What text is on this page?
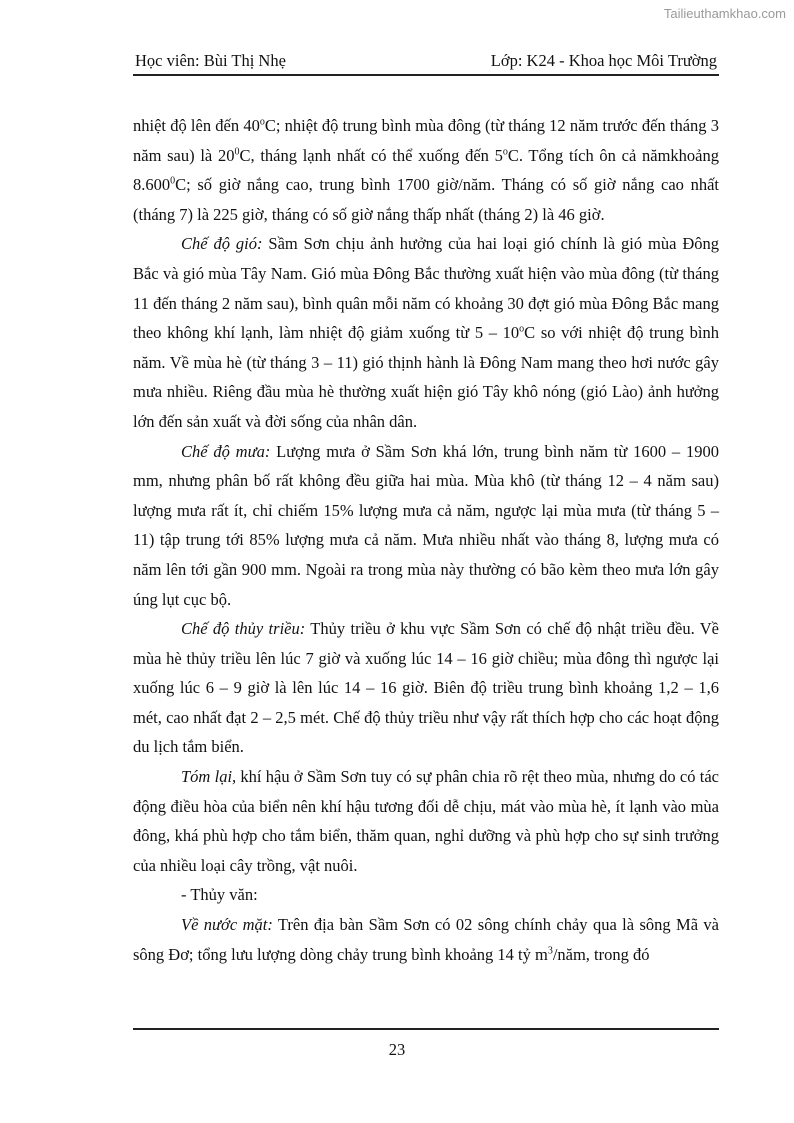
Tailieuthamkhao.com
Học viên: Bùi Thị Nhẹ	Lớp: K24 - Khoa học Môi Trường

nhiệt độ lên đến 40$^o$C; nhiệt độ trung bình mùa đông (từ tháng 12 năm trước đến tháng 3 năm sau) là $20^0C$, tháng lạnh nhất có thể xuống đến 5$^o$C. Tổng tích ôn cả nămkhoảng 8.600$^0$C; số giờ nắng cao, trung bình 1700 giờ/năm. Tháng có số giờ nắng cao nhất (tháng 7) là 225 giờ, tháng có số giờ nắng thấp nhất (tháng 2) là 46 giờ.

Chế độ gió: Sầm Sơn chịu ảnh hưởng của hai loại gió chính là gió mùa Đông Bắc và gió mùa Tây Nam. Gió mùa Đông Bắc thường xuất hiện vào mùa đông (từ tháng 11 đến tháng 2 năm sau), bình quân mỗi năm có khoảng 30 đợt gió mùa Đông Bắc mang theo không khí lạnh, làm nhiệt độ giảm xuống từ 5 – 10$^o$C so với nhiệt độ trung bình năm. Về mùa hè (từ tháng 3 – 11) gió thịnh hành là Đông Nam mang theo hơi nước gây mưa nhiều. Riêng đầu mùa hè thường xuất hiện gió Tây khô nóng (gió Lào) ảnh hưởng lớn đến sản xuất và đời sống của nhân dân.

Chế độ mưa: Lượng mưa ở Sầm Sơn khá lớn, trung bình năm từ 1600 – 1900 mm, nhưng phân bố rất không đều giữa hai mùa. Mùa khô (từ tháng 12 – 4 năm sau) lượng mưa rất ít, chỉ chiếm 15% lượng mưa cả năm, ngược lại mùa mưa (từ tháng 5 – 11) tập trung tới 85% lượng mưa cả năm. Mưa nhiều nhất vào tháng 8, lượng mưa có năm lên tới gần 900 mm. Ngoài ra trong mùa này thường có bão kèm theo mưa lớn gây úng lụt cục bộ.

Chế độ thủy triều: Thủy triều ở khu vực Sầm Sơn có chế độ nhật triều đều. Về mùa hè thủy triều lên lúc 7 giờ và xuống lúc 14 – 16 giờ chiều; mùa đông thì ngược lại xuống lúc 6 – 9 giờ là lên lúc 14 – 16 giờ. Biên độ triều trung bình khoảng 1,2 – 1,6 mét, cao nhất đạt 2 – 2,5 mét. Chế độ thủy triều như vậy rất thích hợp cho các hoạt động du lịch tắm biển.

Tóm lại, khí hậu ở Sầm Sơn tuy có sự phân chia rõ rệt theo mùa, nhưng do có tác động điều hòa của biển nên khí hậu tương đối dễ chịu, mát vào mùa hè, ít lạnh vào mùa đông, khá phù hợp cho tắm biển, thăm quan, nghỉ dưỡng và phù hợp cho sự sinh trưởng của nhiều loại cây trồng, vật nuôi.

- Thủy văn:

Về nước mặt: Trên địa bàn Sầm Sơn có 02 sông chính chảy qua là sông Mã và sông Đơ; tổng lưu lượng dòng chảy trung bình khoảng 14 tỷ $m^3$/năm, trong đó

23
